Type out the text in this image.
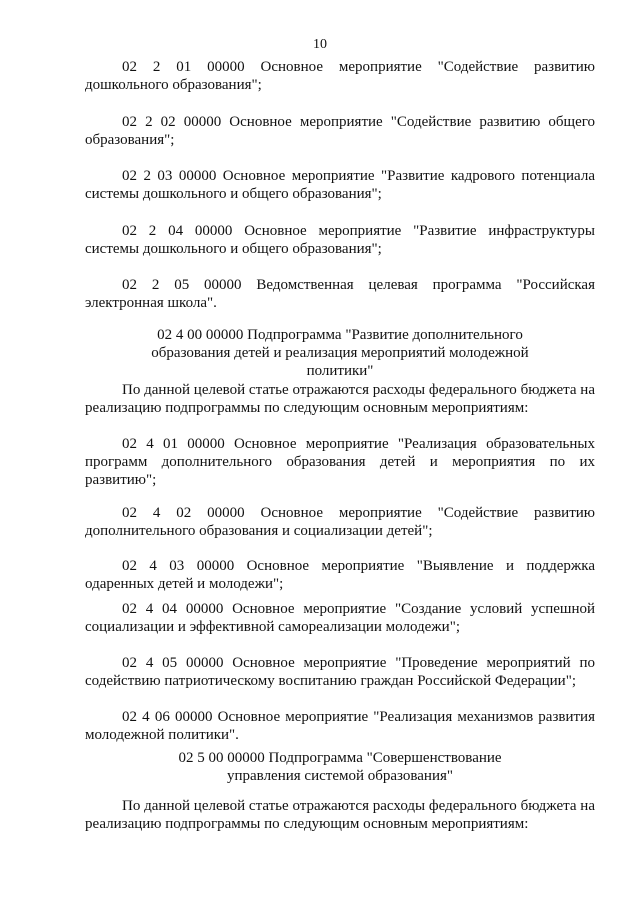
10

02 2 01 00000 Основное мероприятие "Содействие развитию дошкольного образования";

02 2 02 00000 Основное мероприятие "Содействие развитию общего образования";

02 2 03 00000 Основное мероприятие "Развитие кадрового потенциала системы дошкольного и общего образования";

02 2 04 00000 Основное мероприятие "Развитие инфраструктуры системы дошкольного и общего образования";

02 2 05 00000 Ведомственная целевая программа "Российская электронная школа".

02 4 00 00000 Подпрограмма "Развитие дополнительного образования детей и реализация мероприятий молодежной политики"

По данной целевой статье отражаются расходы федерального бюджета на реализацию подпрограммы по следующим основным мероприятиям:

02 4 01 00000 Основное мероприятие "Реализация образовательных программ дополнительного образования детей и мероприятия по их развитию";

02 4 02 00000 Основное мероприятие "Содействие развитию дополнительного образования и социализации детей";

02 4 03 00000 Основное мероприятие "Выявление и поддержка одаренных детей и молодежи";

02 4 04 00000 Основное мероприятие "Создание условий успешной социализации и эффективной самореализации молодежи";

02 4 05 00000 Основное мероприятие "Проведение мероприятий по содействию патриотическому воспитанию граждан Российской Федерации";

02 4 06 00000 Основное мероприятие "Реализация механизмов развития молодежной политики".

02 5 00 00000 Подпрограмма "Совершенствование управления системой образования"

По данной целевой статье отражаются расходы федерального бюджета на реализацию подпрограммы по следующим основным мероприятиям:
